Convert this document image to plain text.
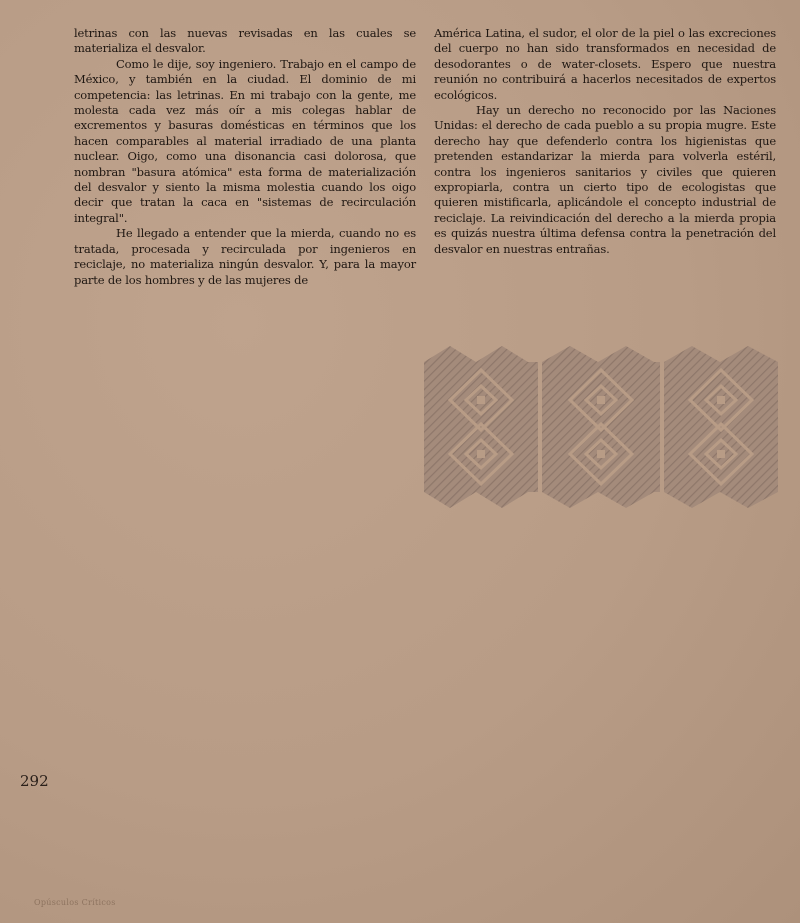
letrinas con las nuevas revisadas en las cuales se materializa el desvalor.

Como le dije, soy ingeniero. Trabajo en el campo de México, y también en la ciudad. El dominio de mi competencia: las letrinas. En mi trabajo con la gente, me molesta cada vez más oír a mis colegas hablar de excrementos y basuras domésticas en términos que los hacen comparables al material irradiado de una planta nuclear. Oigo, como una disonancia casi dolorosa, que nombran "basura atómica" esta forma de materialización del desvalor y siento la misma molestia cuando los oigo decir que tratan la caca en "sistemas de recirculación integral".

He llegado a entender que la mierda, cuando no es tratada, procesada y recirculada por ingenieros en reciclaje, no materializa ningún desvalor. Y, para la mayor parte de los hombres y de las mujeres de

América Latina, el sudor, el olor de la piel o las excreciones del cuerpo no han sido transformados en necesidad de desodorantes o de water-closets. Espero que nuestra reunión no contribuirá a hacerlos necesitados de expertos ecológicos.

Hay un derecho no reconocido por las Naciones Unidas: el derecho de cada pueblo a su propia mugre. Este derecho hay que defenderlo contra los higienistas que pretenden estandarizar la mierda para volverla estéril, contra los ingenieros sanitarios y civiles que quieren expropiarla, contra un cierto tipo de ecologistas que quieren mistificarla, aplicándole el concepto industrial de reciclaje. La reivindicación del derecho a la mierda propia es quizás nuestra última defensa contra la penetración del desvalor en nuestras entrañas.

292
Opúsculos Críticos
